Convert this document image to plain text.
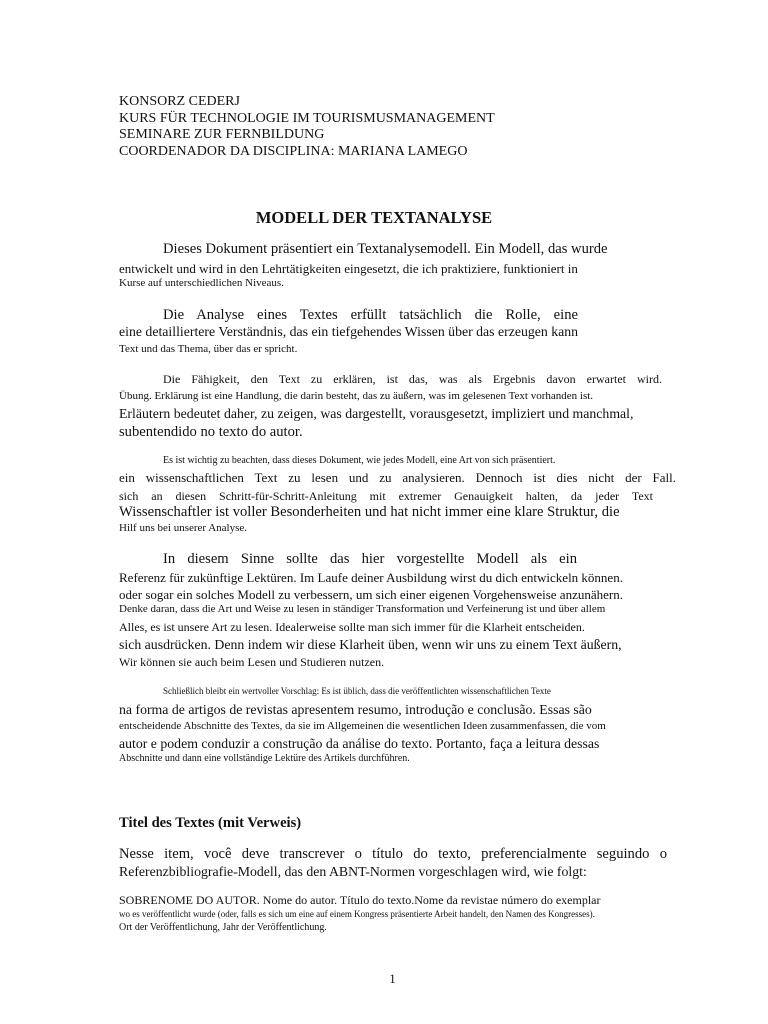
KONSORZ CEDERJ
KURS FÜR TECHNOLOGIE IM TOURISMUSMANAGEMENT
SEMINARE ZUR FERNBILDUNG
COORDENADOR DA DISCIPLINA: MARIANA LAMEGO
MODELL DER TEXTANALYSE
Dieses Dokument präsentiert ein Textanalysemodell. Ein Modell, das wurde
entwickelt und wird in den Lehrtätigkeiten eingesetzt, die ich praktiziere, funktioniert in
Kurse auf unterschiedlichen Niveaus.
Die Analyse eines Textes erfüllt tatsächlich die Rolle, eine
eine detailliertere Verständnis, das ein tiefgehendes Wissen über das erzeugen kann
Text und das Thema, über das er spricht.
Die Fähigkeit, den Text zu erklären, ist das, was als Ergebnis davon erwartet wird.
Übung. Erklärung ist eine Handlung, die darin besteht, das zu äußern, was im gelesenen Text vorhanden ist.
Erläutern bedeutet daher, zu zeigen, was dargestellt, vorausgesetzt, impliziert und manchmal,
subentendido no texto do autor.
Es ist wichtig zu beachten, dass dieses Dokument, wie jedes Modell, eine Art von sich präsentiert.
ein wissenschaftlichen Text zu lesen und zu analysieren. Dennoch ist dies nicht der Fall.
sich an diesen Schritt-für-Schritt-Anleitung mit extremer Genauigkeit halten, da jeder Text
Wissenschaftler ist voller Besonderheiten und hat nicht immer eine klare Struktur, die
Hilf uns bei unserer Analyse.
In diesem Sinne sollte das hier vorgestellte Modell als ein
Referenz für zukünftige Lektüren. Im Laufe deiner Ausbildung wirst du dich entwickeln können.
oder sogar ein solches Modell zu verbessern, um sich einer eigenen Vorgehensweise anzunähern.
Denke daran, dass die Art und Weise zu lesen in ständiger Transformation und Verfeinerung ist und über allem
Alles, es ist unsere Art zu lesen. Idealerweise sollte man sich immer für die Klarheit entscheiden.
sich ausdrücken. Denn indem wir diese Klarheit üben, wenn wir uns zu einem Text äußern,
Wir können sie auch beim Lesen und Studieren nutzen.
Schließlich bleibt ein wertvoller Vorschlag: Es ist üblich, dass die veröffentlichten wissenschaftlichen Texte
na forma de artigos de revistas apresentem resumo, introdução e conclusão. Essas são
entscheidende Abschnitte des Textes, da sie im Allgemeinen die wesentlichen Ideen zusammenfassen, die vom
autor e podem conduzir a construção da análise do texto. Portanto, faça a leitura dessas
Abschnitte und dann eine vollständige Lektüre des Artikels durchführen.
Titel des Textes (mit Verweis)
Nesse item, você deve transcrever o título do texto, preferencialmente seguindo o
Referenzbibliografie-Modell, das den ABNT-Normen vorgeschlagen wird, wie folgt:
SOBRENOME DO AUTOR. Nome do autor. Título do texto.Nome da revistae número do exemplar
wo es veröffentlicht wurde (oder, falls es sich um eine auf einem Kongress präsentierte Arbeit handelt, den Namen des Kongresses).
Ort der Veröffentlichung, Jahr der Veröffentlichung.
1
